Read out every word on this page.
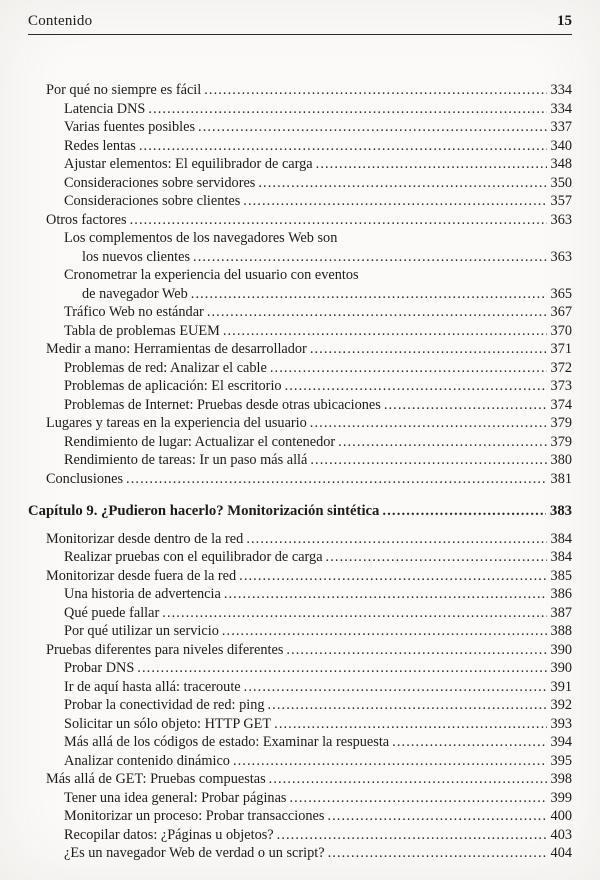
Contenido	15
Por qué no siempre es fácil .....	334
Latencia DNS .....	334
Varias fuentes posibles .....	337
Redes lentas .....	340
Ajustar elementos: El equilibrador de carga .....	348
Consideraciones sobre servidores .....	350
Consideraciones sobre clientes .....	357
Otros factores .....	363
Los complementos de los navegadores Web son
los nuevos clientes .....	363
Cronometrar la experiencia del usuario con eventos
de navegador Web .....	365
Tráfico Web no estándar .....	367
Tabla de problemas EUEM .....	370
Medir a mano: Herramientas de desarrollador .....	371
Problemas de red: Analizar el cable .....	372
Problemas de aplicación: El escritorio .....	373
Problemas de Internet: Pruebas desde otras ubicaciones .....	374
Lugares y tareas en la experiencia del usuario .....	379
Rendimiento de lugar: Actualizar el contenedor .....	379
Rendimiento de tareas: Ir un paso más allá .....	380
Conclusiones .....	381
Capítulo 9. ¿Pudieron hacerlo? Monitorización sintética .....	383
Monitorizar desde dentro de la red .....	384
Realizar pruebas con el equilibrador de carga .....	384
Monitorizar desde fuera de la red .....	385
Una historia de advertencia .....	386
Qué puede fallar .....	387
Por qué utilizar un servicio .....	388
Pruebas diferentes para niveles diferentes .....	390
Probar DNS .....	390
Ir de aquí hasta allá: traceroute .....	391
Probar la conectividad de red: ping .....	392
Solicitar un sólo objeto: HTTP GET .....	393
Más allá de los códigos de estado: Examinar la respuesta .....	394
Analizar contenido dinámico .....	395
Más allá de GET: Pruebas compuestas .....	398
Tener una idea general: Probar páginas .....	399
Monitorizar un proceso: Probar transacciones .....	400
Recopilar datos: ¿Páginas u objetos? .....	403
¿Es un navegador Web de verdad o un script? .....	404
